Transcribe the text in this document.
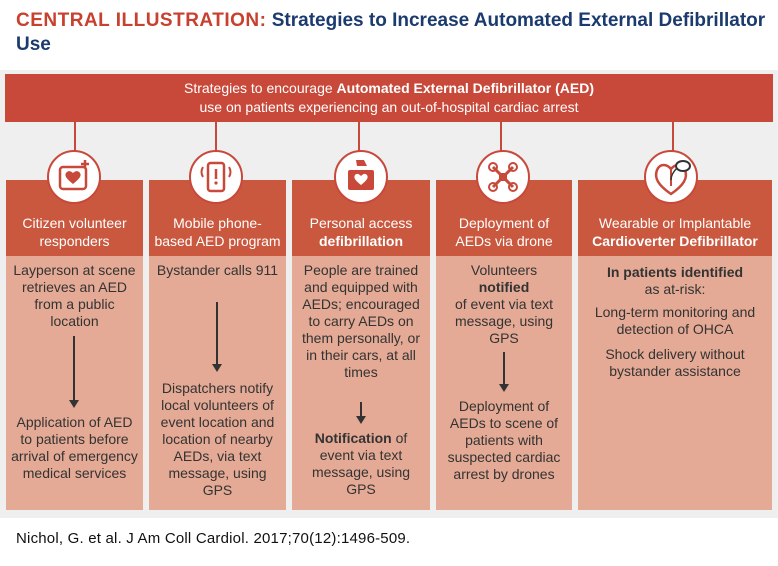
CENTRAL ILLUSTRATION: Strategies to Increase Automated External Defibrillator Use
Strategies to encourage Automated External Defibrillator (AED)
use on patients experiencing an out-of-hospital cardiac arrest
Citizen volunteer
responders
Layperson at scene retrieves an AED from a public location
Application of AED to patients before arrival of emergency medical services
Mobile phone-
based AED program
Bystander calls 911
Dispatchers notify local volunteers of event location and location of nearby AEDs, via text message, using GPS
Personal access
defibrillation
People are trained and equipped with AEDs; encouraged to carry AEDs on them personally, or in their cars, at all times
Notification of event via text message, using GPS
Deployment of
AEDs via drone
Volunteers
notified
of event via text message, using GPS
Deployment of AEDs to scene of patients with suspected cardiac arrest by drones
Wearable or Implantable
Cardioverter Defibrillator
In patients identified
as at-risk:
Long-term monitoring and detection of OHCA
Shock delivery without bystander assistance
Nichol, G. et al. J Am Coll Cardiol. 2017;70(12):1496-509.
